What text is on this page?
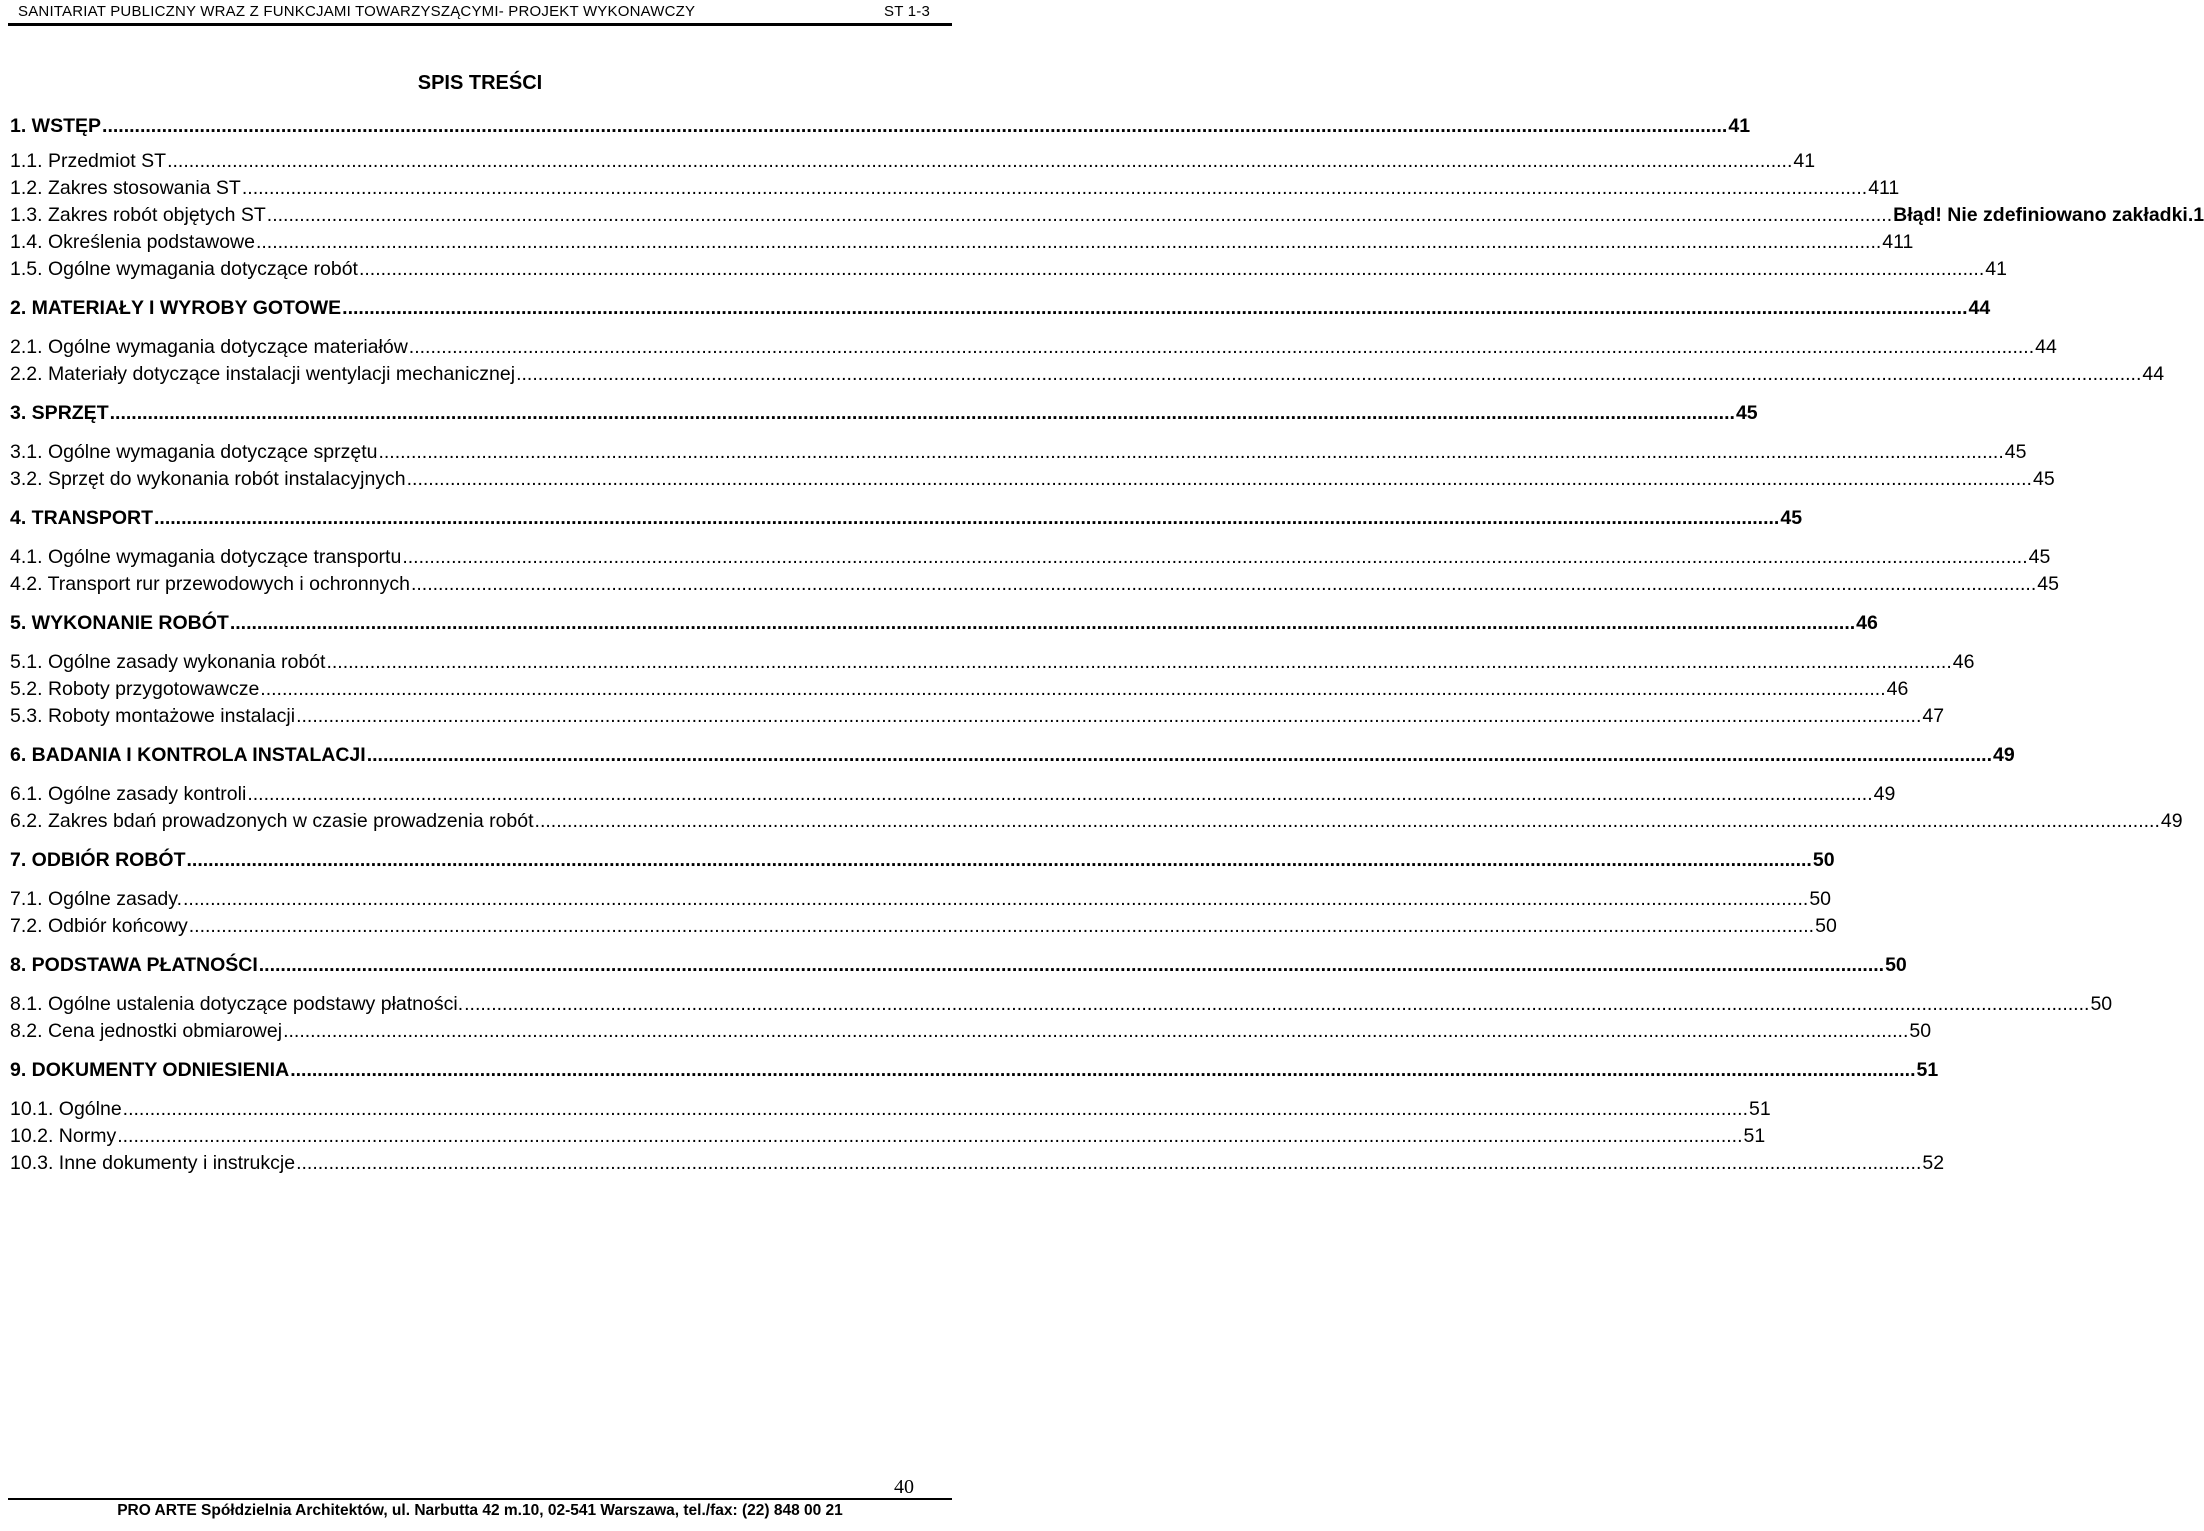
SANITARIAT PUBLICZNY WRAZ Z FUNKCJAMI TOWARZYSZĄCYMI- PROJEKT WYKONAWCZY	ST 1-3
SPIS TREŚCI
1. WSTĘP ............................................................................................................................................................................................................................................................................................................ 41
1.1. Przedmiot ST ............................................................................................................................................................................................................................................................................................................ 41
1.2. Zakres stosowania ST ............................................................................................................................................................................................................................................................................................................ 411
1.3. Zakres robót objętych ST ............................................................................................................................................................................................................................................................................................................ Błąd! Nie zdefiniowano zakładki.1
1.4. Określenia podstawowe ............................................................................................................................................................................................................................................................................................................ 411
1.5. Ogólne wymagania dotyczące robót ............................................................................................................................................................................................................................................................................................................ 41
2. MATERIAŁY I WYROBY GOTOWE ............................................................................................................................................................................................................................................................................................................ 44
2.1. Ogólne wymagania dotyczące materiałów ............................................................................................................................................................................................................................................................................................................ 44
2.2. Materiały dotyczące instalacji wentylacji mechanicznej ............................................................................................................................................................................................................................................................................................................ 44
3. SPRZĘT ............................................................................................................................................................................................................................................................................................................ 45
3.1. Ogólne wymagania dotyczące sprzętu ............................................................................................................................................................................................................................................................................................................ 45
3.2. Sprzęt do wykonania robót instalacyjnych ............................................................................................................................................................................................................................................................................................................ 45
4. TRANSPORT ............................................................................................................................................................................................................................................................................................................ 45
4.1. Ogólne wymagania dotyczące transportu ............................................................................................................................................................................................................................................................................................................ 45
4.2. Transport rur przewodowych i ochronnych ............................................................................................................................................................................................................................................................................................................ 45
5. WYKONANIE ROBÓT ............................................................................................................................................................................................................................................................................................................ 46
5.1. Ogólne zasady wykonania robót ............................................................................................................................................................................................................................................................................................................ 46
5.2. Roboty przygotowawcze ............................................................................................................................................................................................................................................................................................................ 46
5.3. Roboty montażowe instalacji ............................................................................................................................................................................................................................................................................................................ 47
6. BADANIA I KONTROLA INSTALACJI ............................................................................................................................................................................................................................................................................................................ 49
6.1. Ogólne zasady kontroli ............................................................................................................................................................................................................................................................................................................ 49
6.2. Zakres bdań prowadzonych w czasie prowadzenia robót ............................................................................................................................................................................................................................................................................................................ 49
7. ODBIÓR ROBÓT ............................................................................................................................................................................................................................................................................................................ 50
7.1. Ogólne zasady. ............................................................................................................................................................................................................................................................................................................ 50
7.2. Odbiór końcowy ............................................................................................................................................................................................................................................................................................................ 50
8. PODSTAWA PŁATNOŚCI ............................................................................................................................................................................................................................................................................................................ 50
8.1. Ogólne ustalenia dotyczące podstawy płatności. ............................................................................................................................................................................................................................................................................................................ 50
8.2. Cena jednostki obmiarowej ............................................................................................................................................................................................................................................................................................................ 50
9. DOKUMENTY ODNIESIENIA ............................................................................................................................................................................................................................................................................................................ 51
10.1. Ogólne ............................................................................................................................................................................................................................................................................................................ 51
10.2. Normy ............................................................................................................................................................................................................................................................................................................ 51
10.3. Inne dokumenty i instrukcje ............................................................................................................................................................................................................................................................................................................ 52
40
PRO ARTE Spółdzielnia Architektów, ul. Narbutta 42 m.10, 02-541 Warszawa, tel./fax: (22) 848 00 21
